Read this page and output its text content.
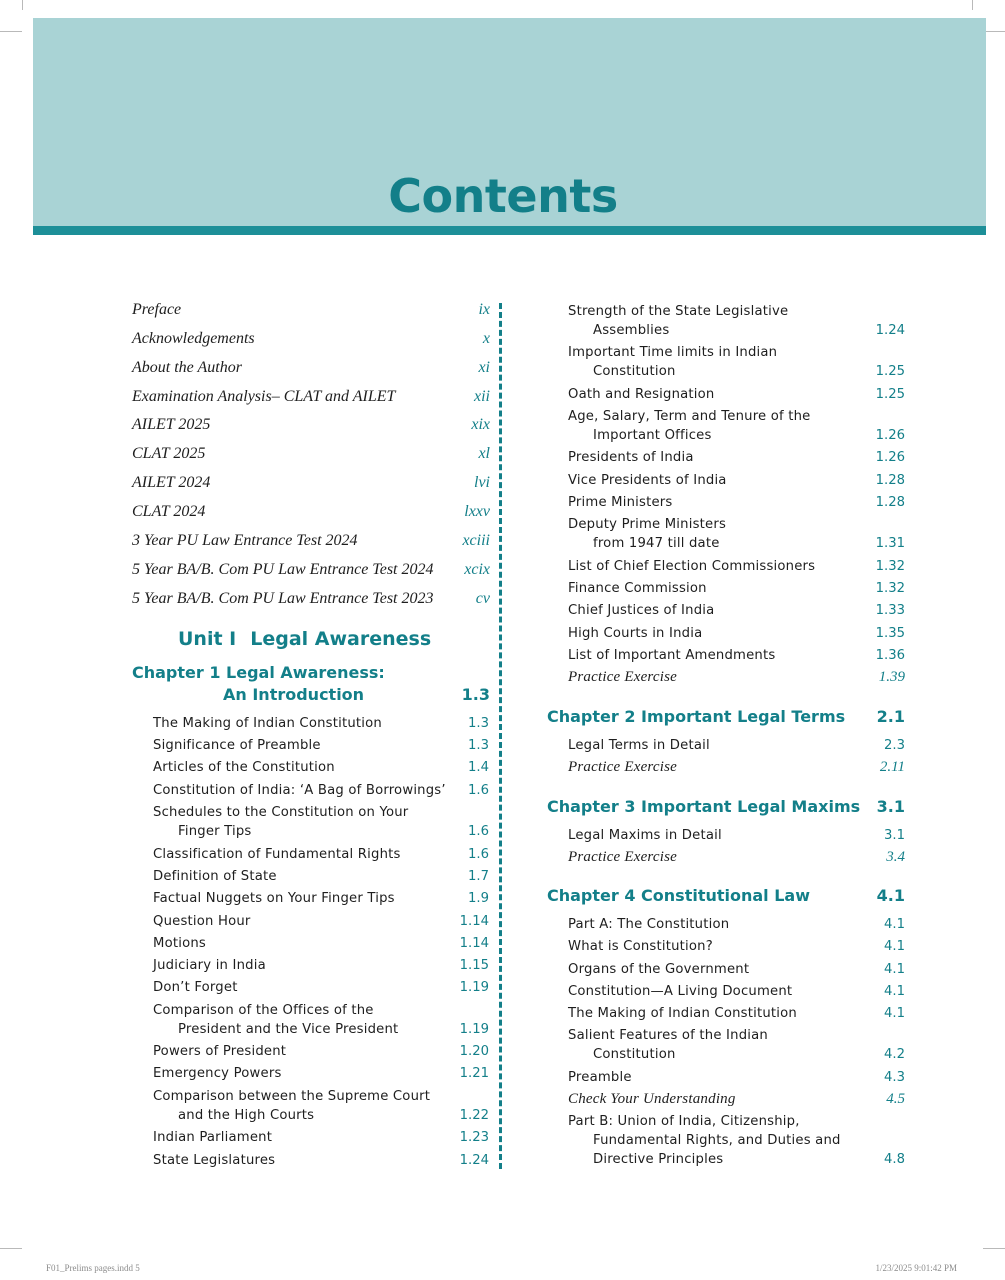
Contents
Preface	ix
Acknowledgements	x
About the Author	xi
Examination Analysis– CLAT and AILET	xii
AILET 2025	xix
CLAT 2025	xl
AILET 2024	lvi
CLAT 2024	lxxv
3 Year PU Law Entrance Test 2024	xciii
5 Year BA/B. Com PU Law Entrance Test 2024 xcix
5 Year BA/B. Com PU Law Entrance Test 2023	cv
Unit I Legal Awareness
Chapter 1 Legal Awareness:
An Introduction	1.3
The Making of Indian Constitution	1.3
Significance of Preamble	1.3
Articles of the Constitution	1.4
Constitution of India: ‘A Bag of Borrowings’ 1.6
Schedules to the Constitution on Your
Finger Tips	1.6
Classification of Fundamental Rights	1.6
Definition of State	1.7
Factual Nuggets on Your Finger Tips	1.9
Question Hour	1.14
Motions	1.14
Judiciary in India	1.15
Don’t Forget	1.19
Comparison of the Offices of the
President and the Vice President	1.19
Powers of President	1.20
Emergency Powers	1.21
Comparison between the Supreme Court
and the High Courts	1.22
Indian Parliament	1.23
State Legislatures	1.24
Strength of the State Legislative
Assemblies	1.24
Important Time limits in Indian
Constitution	1.25
Oath and Resignation	1.25
Age, Salary, Term and Tenure of the
Important Offices	1.26
Presidents of India	1.26
Vice Presidents of India	1.28
Prime Ministers	1.28
Deputy Prime Ministers
from 1947 till date	1.31
List of Chief Election Commissioners	1.32
Finance Commission	1.32
Chief Justices of India	1.33
High Courts in India	1.35
List of Important Amendments	1.36
Practice Exercise	1.39
Chapter 2 Important Legal Terms 2.1
Legal Terms in Detail	2.3
Practice Exercise	2.11
Chapter 3 Important Legal Maxims 3.1
Legal Maxims in Detail	3.1
Practice Exercise	3.4
Chapter 4 Constitutional Law	4.1
Part A: The Constitution	4.1
What is Constitution?	4.1
Organs of the Government	4.1
Constitution—A Living Document	4.1
The Making of Indian Constitution	4.1
Salient Features of the Indian
Constitution	4.2
Preamble	4.3
Check Your Understanding	4.5
Part B: Union of India, Citizenship,
Fundamental Rights, and Duties and
Directive Principles	4.8
F01_Prelims pages.indd 5	1/23/2025 9:01:42 PM
